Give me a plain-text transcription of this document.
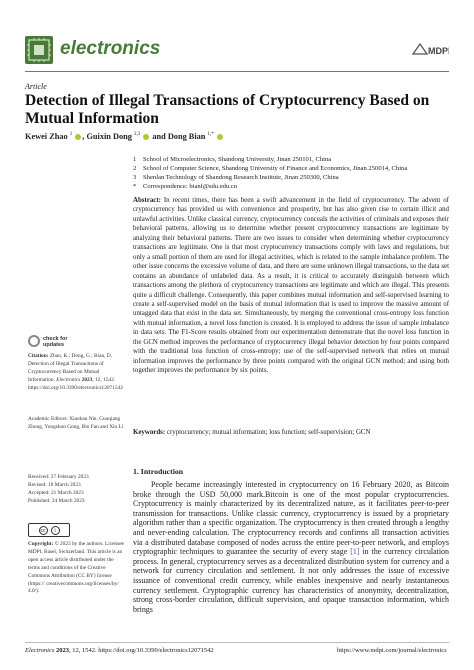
electronics	MDPI
Article
Detection of Illegal Transactions of Cryptocurrency Based on Mutual Information
Kewei Zhao $^1$ , Guixin Dong $^{2,3}$ and Dong Bian $^{1,*}$
1 School of Microelectronics, Shandong University, Jinan 250101, China
2 School of Computer Science, Shandong University of Finance and Economics, Jinan 250014, China
3 Shenlan Technology of Shandong Research Institute, Jinan 250300, China
* Correspondence: bianf@sdu.edu.cn
Abstract: In recent times, there has been a swift advancement in the field of cryptocurrency. The advent of cryptocurrency has provided us with convenience and prosperity, but has also given rise to certain illicit and unlawful activities. Unlike classical currency, cryptocurrency conceals the activities of criminals and exposes their behavioral patterns, allowing us to determine whether present cryptocurrency transactions are legitimate by analyzing their behavioral patterns. There are two issues to consider when determining whether cryptocurrency transactions are legitimate. One is that most cryptocurrency transactions comply with laws and regulations, but only a small portion of them are used for illegal activities, which is related to the sample imbalance problem. The other issue concerns the excessive volume of data, and there are some unknown illegal transactions, so the data set contains an abundance of unlabeled data. As a result, it is critical to accurately distinguish between which transactions among the plethora of cryptocurrency transactions are legitimate and which are illegal. This presents quite a difficult challenge. Consequently, this paper combines mutual information and self-supervised learning to create a self-supervised model on the basis of mutual information that is used to improve the massive amount of untagged data that exist in the data set. Simultaneously, by merging the conventional cross-entropy loss function with mutual information, a novel loss function is created. It is employed to address the issue of sample imbalance in data sets. The F1-Score results obtained from our experimentation demonstrate that the novel loss function in the GCN method improves the performance of cryptocurrency illegal behavior detection by four points compared with the traditional loss function of cross-entropy; use of the self-supervised network that relies on mutual information improves the performance by three points compared with the original GCN method; and using both together improves the performance by six points.
Keywords: cryptocurrency; mutual information; loss function; self-supervision; GCN
1. Introduction
People became increasingly interested in cryptocurrency on 16 February 2020, as Bitcoin broke through the USD 50,000 mark.Bitcoin is one of the most popular cryptocurrencies. Cryptocurrency is mainly characterized by its decentralized nature, as it facilitates peer-to-peer transmission for transactions. Unlike classic currency, cryptocurrency is issued by a proprietary algorithm rather than a specific organization. The cryptocurrency is then created through a lengthy and never-ending calculation. The cryptocurrency records and confirms all transaction activities via a distributed database composed of nodes across the entire peer-to-peer network, and employs cryptographic techniques to guarantee the security of every stage [1] in the currency circulation process. In general, cryptocurrency serves as a decentralized distribution system for currency and a network for currency circulation and settlement. It not only addresses the issue of excessive issuance of conventional credit currency, while enables inexpensive and nearly instantaneous currency settlement. Cryptographic currency has characteristics of anonymity, decentralization, strong cross-border circulation, difficult supervision, and opaque transaction information, which brings
check for
updates
Citation: Zhao, K.; Dong, G.; Bian, D. Detection of Illegal Transactions of Cryptocurrency Based on Mutual Information. Electronics 2023, 12, 1542. https://doi.org/10.3390/electronics12071542
Academic Editors: Xiaohan Nie, Guoqiang Zhong, Yongshun Gong, Bin Fan and Xin Li
Received: 27 February 2023
Revised: 18 March 2023
Accepted: 21 March 2023
Published: 24 March 2023
cc	i
Copyright: © 2023 by the authors. Licensee MDPI, Basel, Switzerland. This article is an open access article distributed under the terms and conditions of the Creative Commons Attribution (CC BY) license (https:// creativecommons.org/licenses/by/ 4.0/).
Electronics 2023, 12, 1542. https://doi.org/10.3390/electronics12071542	https://www.mdpi.com/journal/electronics
